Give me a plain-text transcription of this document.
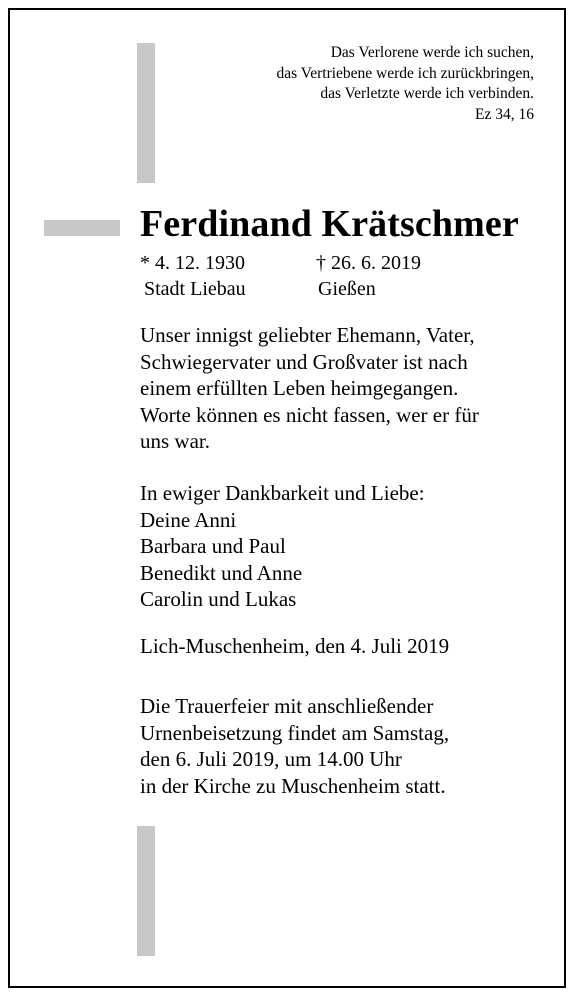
Das Verlorene werde ich suchen,
das Vertriebene werde ich zurückbringen,
das Verletzte werde ich verbinden.
Ez 34, 16
Ferdinand Krätschmer
* 4. 12. 1930	† 26. 6. 2019
Stadt Liebau	Gießen
Unser innigst geliebter Ehemann, Vater,
Schwiegervater und Großvater ist nach
einem erfüllten Leben heimgegangen.
Worte können es nicht fassen, wer er für
uns war.
In ewiger Dankbarkeit und Liebe:
Deine Anni
Barbara und Paul
Benedikt und Anne
Carolin und Lukas
Lich-Muschenheim, den 4. Juli 2019
Die Trauerfeier mit anschließender
Urnenbeisetzung findet am Samstag,
den 6. Juli 2019, um 14.00 Uhr
in der Kirche zu Muschenheim statt.
